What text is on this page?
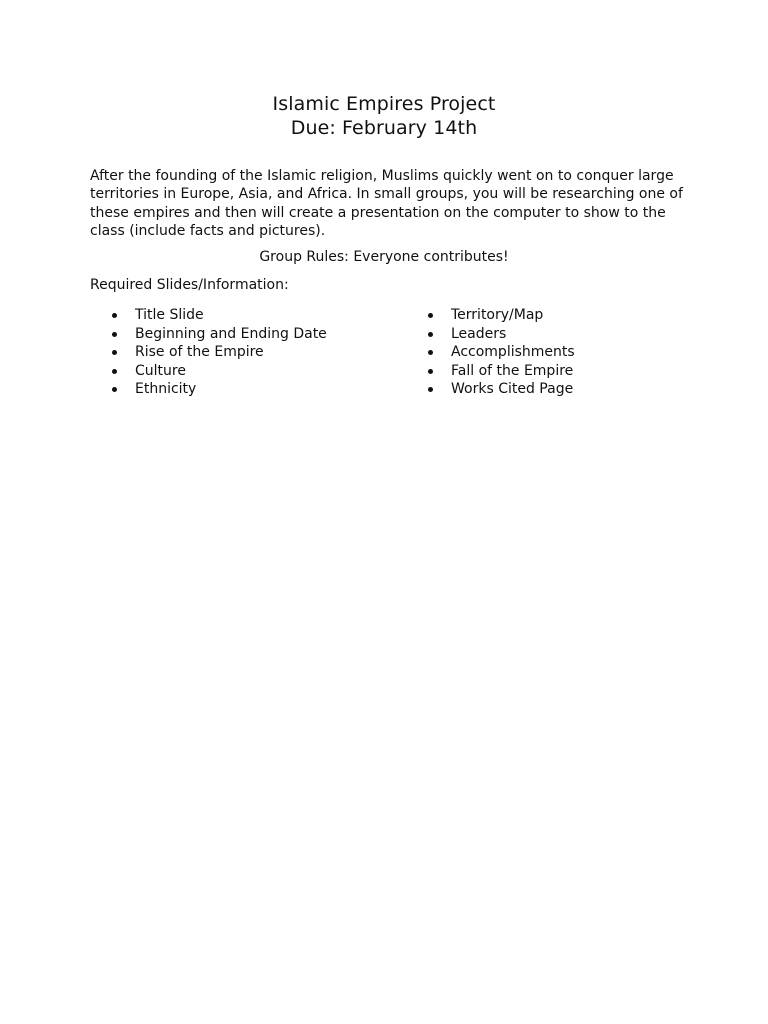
Islamic Empires Project
Due: February 14th

After the founding of the Islamic religion, Muslims quickly went on to conquer large territories in Europe, Asia, and Africa. In small groups, you will be researching one of these empires and then will create a presentation on the computer to show to the class (include facts and pictures).

Group Rules: Everyone contributes!

Required Slides/Information:

Title Slide
Beginning and Ending Date
Rise of the Empire
Culture
Ethnicity
Territory/Map
Leaders
Accomplishments
Fall of the Empire
Works Cited Page
